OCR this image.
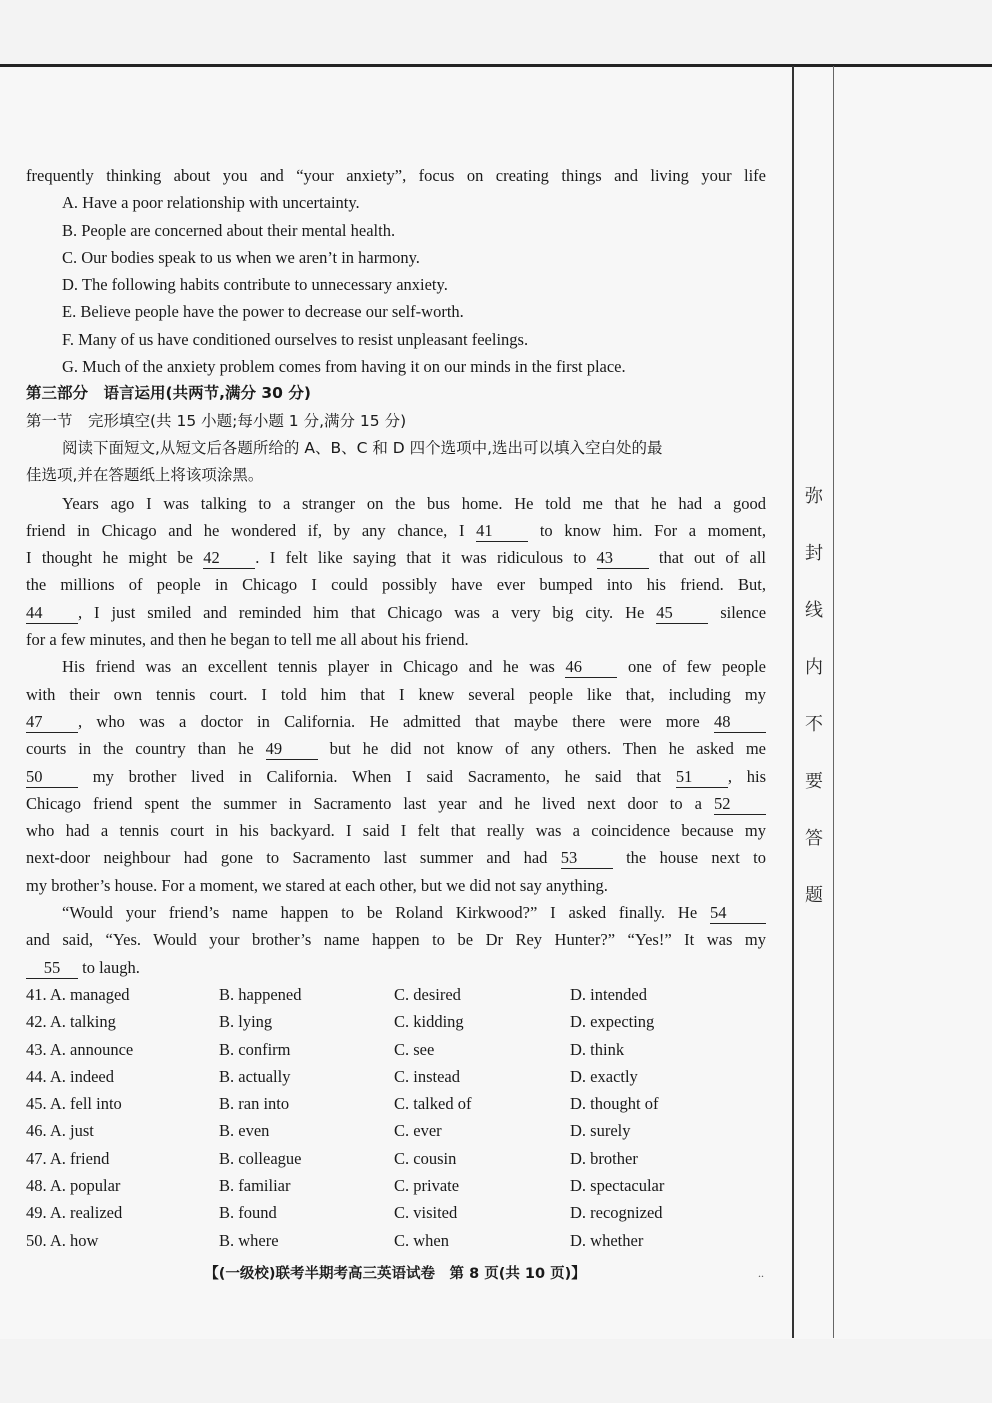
弥
封
线
内
不
要
答
题
frequently thinking about you and “your anxiety”, focus on creating things and living your life
A. Have a poor relationship with uncertainty.
B. People are concerned about their mental health.
C. Our bodies speak to us when we aren’t in harmony.
D. The following habits contribute to unnecessary anxiety.
E. Believe people have the power to decrease our self-worth.
F. Many of us have conditioned ourselves to resist unpleasant feelings.
G. Much of the anxiety problem comes from having it on our minds in the first place.
第三部分　语言运用(共两节,满分 30 分)
第一节　完形填空(共 15 小题;每小题 1 分,满分 15 分)
阅读下面短文,从短文后各题所给的 A、B、C 和 D 四个选项中,选出可以填入空白处的最
佳选项,并在答题纸上将该项涂黑。
Years ago I was talking to a stranger on the bus home. He told me that he had a good
friend in Chicago and he wondered if, by any chance, I 41	to know him. For a moment,
I thought he might be 42 . I felt like saying that it was ridiculous to 43	that out of all
the millions of people in Chicago I could possibly have ever bumped into his friend. But,
44 , I just smiled and reminded him that Chicago was a very big city. He 45	silence
for a few minutes, and then he began to tell me all about his friend.
His friend was an excellent tennis player in Chicago and he was 46	one of few people
with their own tennis court. I told him that I knew several people like that, including my
47 , who was a doctor in California. He admitted that maybe there were more 48
courts in the country than he 49	but he did not know of any others. Then he asked me
50	my brother lived in California. When I said Sacramento, he said that 51 , his
Chicago friend spent the summer in Sacramento last year and he lived next door to a 52
who had a tennis court in his backyard. I said I felt that really was a coincidence because my
next-door neighbour had gone to Sacramento last summer and had 53	the house next to
my brother’s house. For a moment, we stared at each other, but we did not say anything.
“Would your friend’s name happen to be Roland Kirkwood?” I asked finally. He 54
and said, “Yes. Would your brother’s name happen to be Dr Rey Hunter?” “Yes!” It was my
55 to laugh.
41. A. managed	B. happened	C. desired	D. intended
42. A. talking	B. lying	C. kidding	D. expecting
43. A. announce	B. confirm	C. see	D. think
44. A. indeed	B. actually	C. instead	D. exactly
45. A. fell into	B. ran into	C. talked of	D. thought of
46. A. just	B. even	C. ever	D. surely
47. A. friend	B. colleague	C. cousin	D. brother
48. A. popular	B. familiar	C. private	D. spectacular
49. A. realized	B. found	C. visited	D. recognized
50. A. how	B. where	C. when	D. whether
【(一级校)联考半期考高三英语试卷　第 8 页(共 10 页)】	..
